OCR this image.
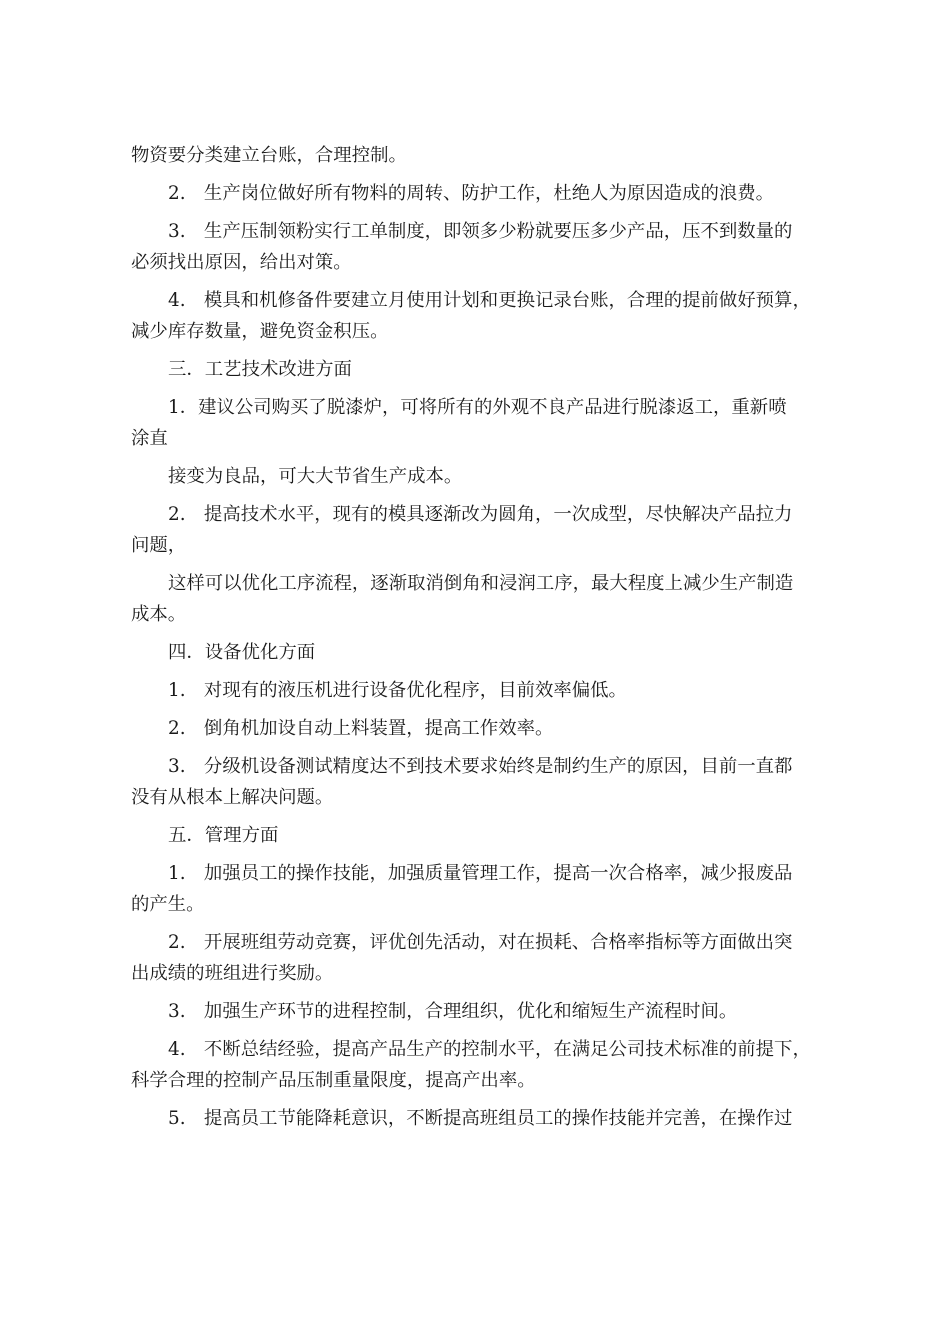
物资要分类建立台账，合理控制。

2.　生产岗位做好所有物料的周转、防护工作，杜绝人为原因造成的浪费。

3.　生产压制领粉实行工单制度，即领多少粉就要压多少产品，压不到数量的

必须找出原因，给出对策。

4.　模具和机修备件要建立月使用计划和更换记录台账，合理的提前做好预算，

减少库存数量，避免资金积压。

三．工艺技术改进方面

1．建议公司购买了脱漆炉，可将所有的外观不良产品进行脱漆返工，重新喷

涂直

接变为良品，可大大节省生产成本。

2.　提高技术水平，现有的模具逐渐改为圆角，一次成型，尽快解决产品拉力

问题，

这样可以优化工序流程，逐渐取消倒角和浸润工序，最大程度上减少生产制造

成本。

四．设备优化方面

1.　对现有的液压机进行设备优化程序，目前效率偏低。

2.　倒角机加设自动上料装置，提高工作效率。

3.　分级机设备测试精度达不到技术要求始终是制约生产的原因，目前一直都

没有从根本上解决问题。

五．管理方面

1.　加强员工的操作技能，加强质量管理工作，提高一次合格率，减少报废品

的产生。

2.　开展班组劳动竞赛，评优创先活动，对在损耗、合格率指标等方面做出突

出成绩的班组进行奖励。

3.　加强生产环节的进程控制，合理组织，优化和缩短生产流程时间。

4.　不断总结经验，提高产品生产的控制水平，在满足公司技术标准的前提下，

科学合理的控制产品压制重量限度，提高产出率。

5.　提高员工节能降耗意识，不断提高班组员工的操作技能并完善，在操作过
